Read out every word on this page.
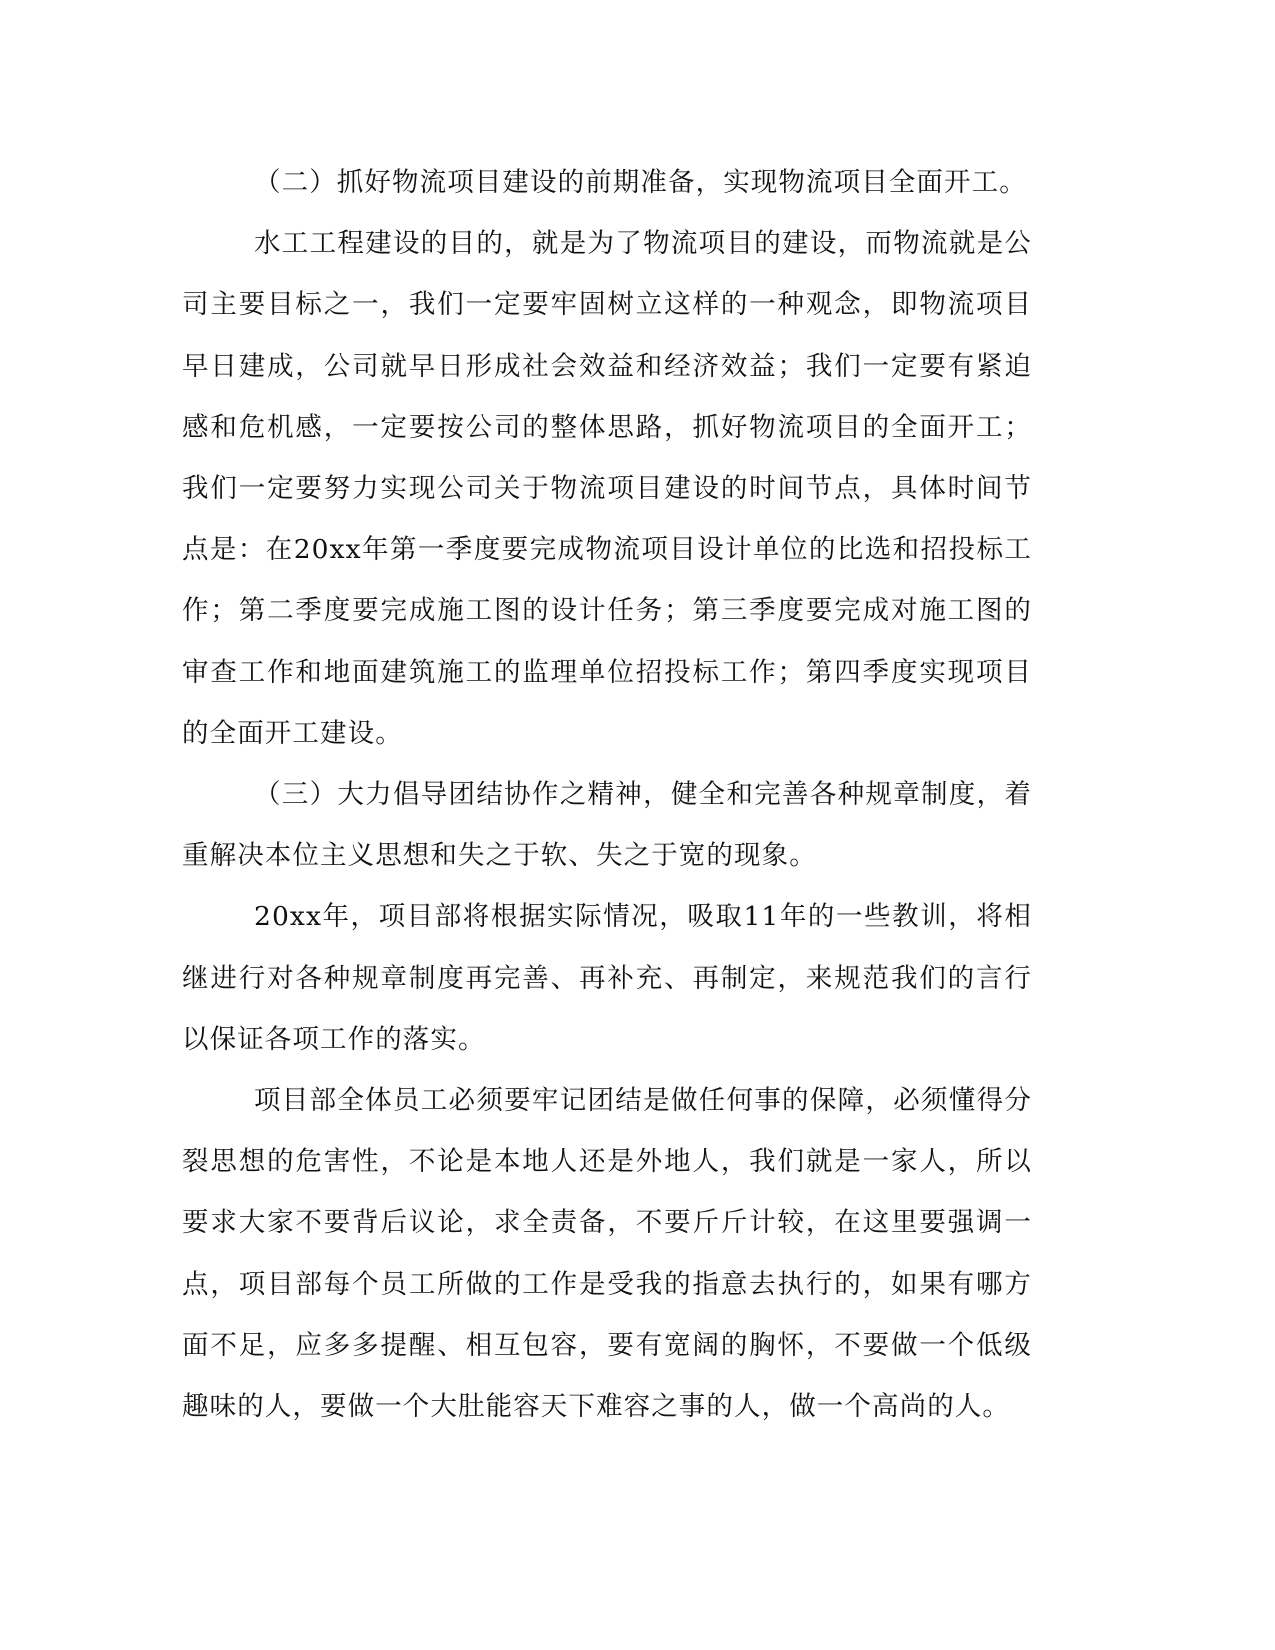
（二）抓好物流项目建设的前期准备，实现物流项目全面开工。

水工工程建设的目的，就是为了物流项目的建设，而物流就是公司主要目标之一，我们一定要牢固树立这样的一种观念，即物流项目早日建成，公司就早日形成社会效益和经济效益；我们一定要有紧迫感和危机感，一定要按公司的整体思路，抓好物流项目的全面开工；我们一定要努力实现公司关于物流项目建设的时间节点，具体时间节点是：在20xx年第一季度要完成物流项目设计单位的比选和招投标工作；第二季度要完成施工图的设计任务；第三季度要完成对施工图的审查工作和地面建筑施工的监理单位招投标工作；第四季度实现项目的全面开工建设。

（三）大力倡导团结协作之精神，健全和完善各种规章制度，着重解决本位主义思想和失之于软、失之于宽的现象。

20xx年，项目部将根据实际情况，吸取11年的一些教训，将相继进行对各种规章制度再完善、再补充、再制定，来规范我们的言行以保证各项工作的落实。

项目部全体员工必须要牢记团结是做任何事的保障，必须懂得分裂思想的危害性，不论是本地人还是外地人，我们就是一家人，所以要求大家不要背后议论，求全责备，不要斤斤计较，在这里要强调一点，项目部每个员工所做的工作是受我的指意去执行的，如果有哪方面不足，应多多提醒、相互包容，要有宽阔的胸怀，不要做一个低级趣味的人，要做一个大肚能容天下难容之事的人，做一个高尚的人。
